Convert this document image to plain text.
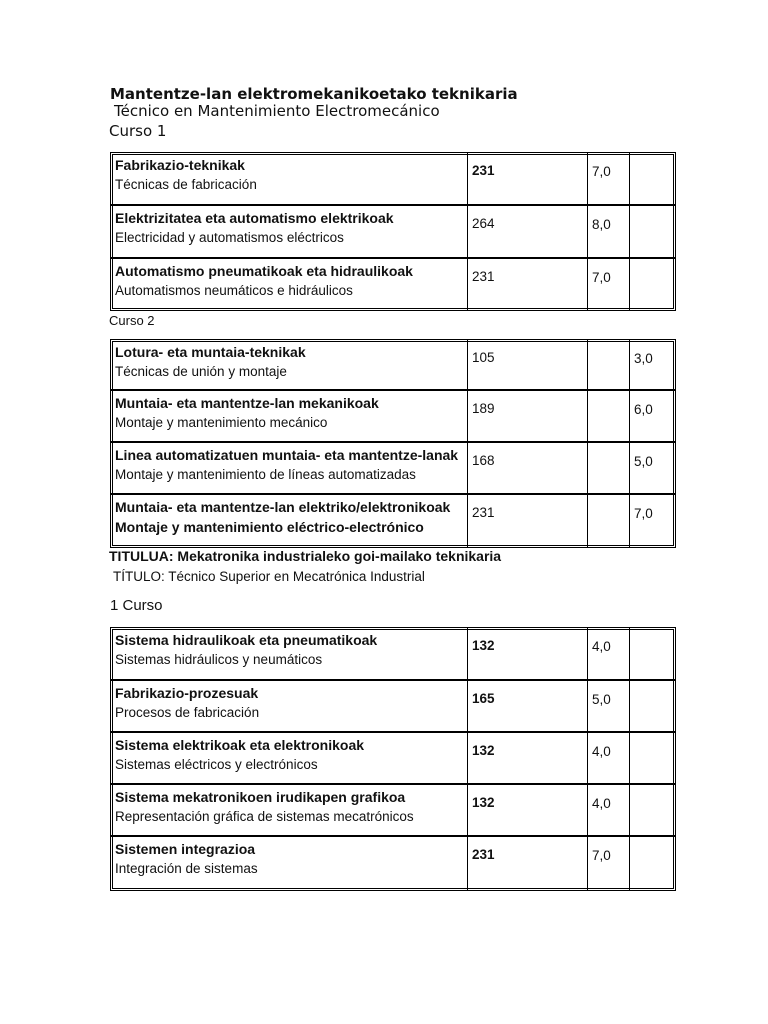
Mantentze-lan elektromekanikoetako teknikaria
Técnico en Mantenimiento Electromecánico
Curso 1
Fabrikazio-teknikak
Técnicas de fabricación	231	7,0	

Elektrizitatea eta automatismo elektrikoak
Electricidad y automatismos eléctricos	264	8,0	

Automatismo pneumatikoak eta hidraulikoak
Automatismos neumáticos e hidráulicos	231	7,0	
Curso 2
Lotura- eta muntaia-teknikak
Técnicas de unión y montaje	105		3,0

Muntaia- eta mantentze-lan mekanikoak
Montaje y mantenimiento mecánico	189		6,0

Linea automatizatuen muntaia- eta mantentze-lanak
Montaje y mantenimiento de líneas automatizadas	168		5,0

Muntaia- eta mantentze-lan elektriko/elektronikoak
Montaje y mantenimiento eléctrico-electrónico	231		7,0
TITULUA: Mekatronika industrialeko goi-mailako teknikaria
TÍTULO: Técnico Superior en Mecatrónica Industrial
1 Curso
Sistema hidraulikoak eta pneumatikoak
Sistemas hidráulicos y neumáticos	132	4,0	

Fabrikazio-prozesuak
Procesos de fabricación	165	5,0	

Sistema elektrikoak eta elektronikoak
Sistemas eléctricos y electrónicos	132	4,0	

Sistema mekatronikoen irudikapen grafikoa
Representación gráfica de sistemas mecatrónicos	132	4,0	

Sistemen integrazioa
Integración de sistemas	231	7,0	
